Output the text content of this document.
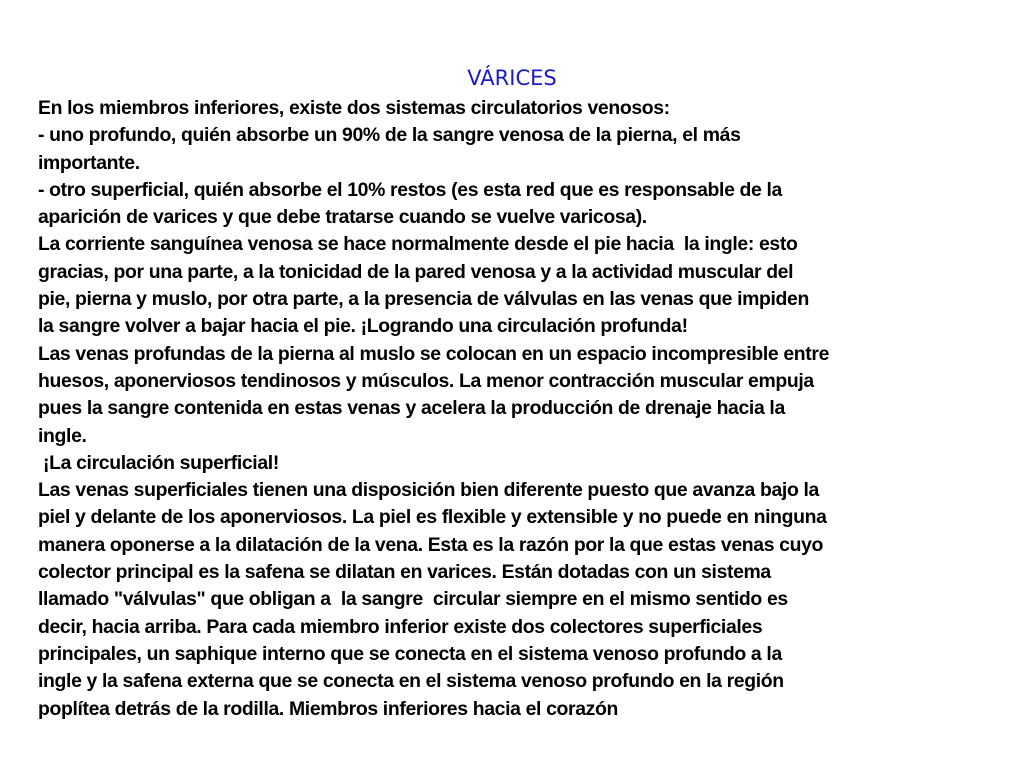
VÁRICES
En los miembros inferiores, existe dos sistemas circulatorios venosos:
- uno profundo, quién absorbe un 90% de la sangre venosa de la pierna, el más
importante.
- otro superficial, quién absorbe el 10% restos (es esta red que es responsable de la
aparición de varices y que debe tratarse cuando se vuelve varicosa).
La corriente sanguínea venosa se hace normalmente desde el pie hacia  la ingle: esto
gracias, por una parte, a la tonicidad de la pared venosa y a la actividad muscular del
pie, pierna y muslo, por otra parte, a la presencia de válvulas en las venas que impiden
la sangre volver a bajar hacia el pie. ¡Logrando una circulación profunda!
Las venas profundas de la pierna al muslo se colocan en un espacio incompresible entre
huesos, aponerviosos tendinosos y músculos. La menor contracción muscular empuja
pues la sangre contenida en estas venas y acelera la producción de drenaje hacia la
ingle.
¡La circulación superficial!
Las venas superficiales tienen una disposición bien diferente puesto que avanza bajo la
piel y delante de los aponerviosos. La piel es flexible y extensible y no puede en ninguna
manera oponerse a la dilatación de la vena. Esta es la razón por la que estas venas cuyo
colector principal es la safena se dilatan en varices. Están dotadas con un sistema
llamado "válvulas" que obligan a  la sangre  circular siempre en el mismo sentido es
decir, hacia arriba. Para cada miembro inferior existe dos colectores superficiales
principales, un saphique interno que se conecta en el sistema venoso profundo a la
ingle y la safena externa que se conecta en el sistema venoso profundo en la región
poplítea detrás de la rodilla. Miembros inferiores hacia el corazón
